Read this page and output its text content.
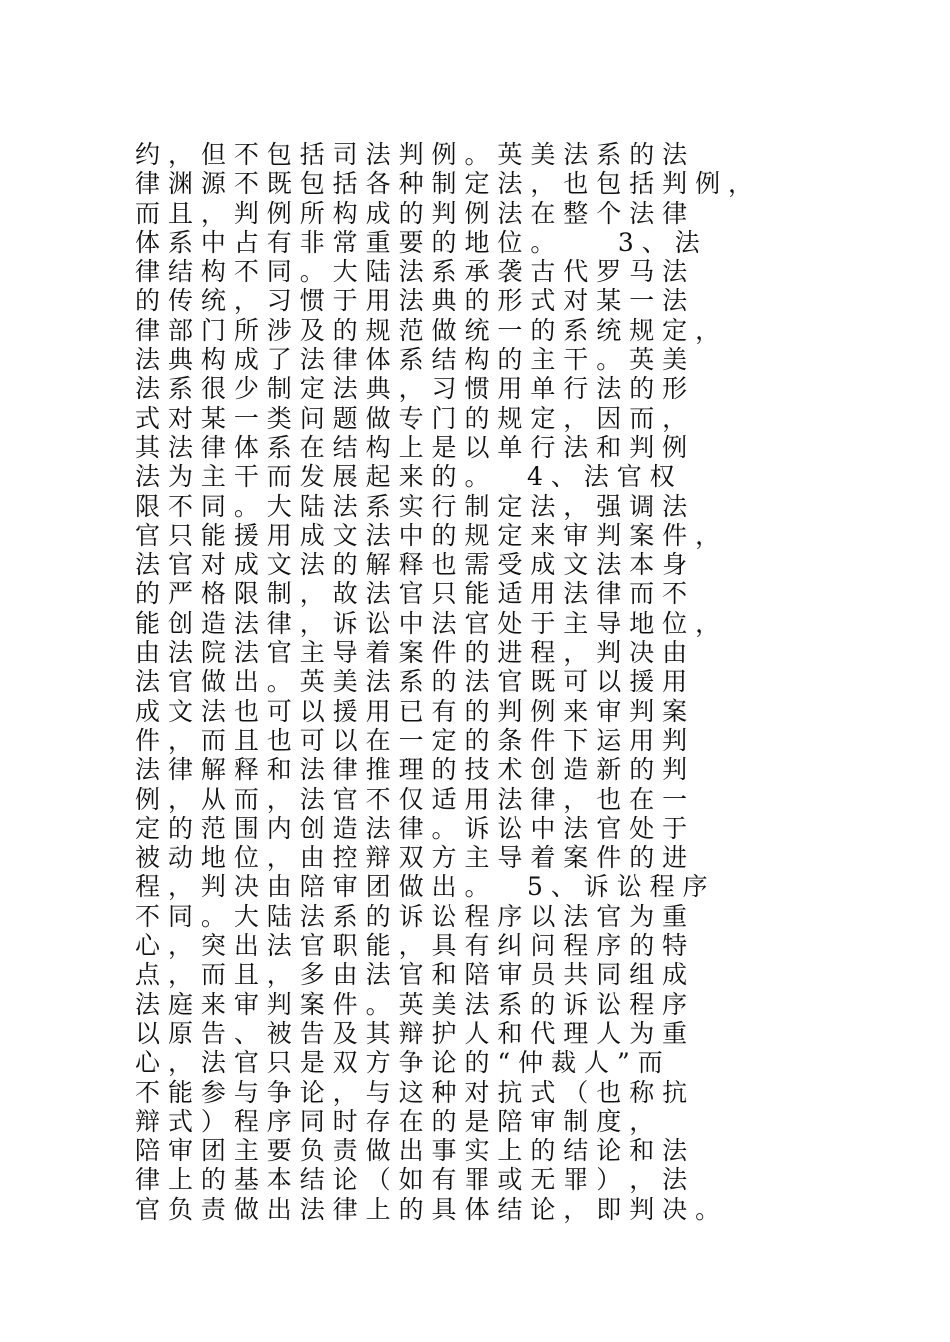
约 ， 但 不 包 括 司 法 判 例 。 英 美 法 系 的 法
律 渊 源 不 既 包 括 各 种 制 定 法 ， 也 包 括 判 例 ，
而 且 ， 判 例 所 构 成 的 判 例 法 在 整 个 法 律
体 系 中 占 有 非 常 重 要 的 地 位 。　　　3 、 法
律 结 构 不 同 。 大 陆 法 系 承 袭 古 代 罗 马 法
的 传 统 ， 习 惯 于 用 法 典 的 形 式 对 某 一 法
律 部 门 所 涉 及 的 规 范 做 统 一 的 系 统 规 定 ，
法 典 构 成 了 法 律 体 系 结 构 的 主 干 。 英 美
法 系 很 少 制 定 法 典 ， 习 惯 用 单 行 法 的 形
式 对 某 一 类 问 题 做 专 门 的 规 定 ， 因 而 ，
其 法 律 体 系 在 结 构 上 是 以 单 行 法 和 判 例
法 为 主 干 而 发 展 起 来 的 。　　4 、 法 官 权
限 不 同 。 大 陆 法 系 实 行 制 定 法 ， 强 调 法
官 只 能 援 用 成 文 法 中 的 规 定 来 审 判 案 件 ，
法 官 对 成 文 法 的 解 释 也 需 受 成 文 法 本 身
的 严 格 限 制 ， 故 法 官 只 能 适 用 法 律 而 不
能 创 造 法 律 ， 诉 讼 中 法 官 处 于 主 导 地 位 ，
由 法 院 法 官 主 导 着 案 件 的 进 程 ， 判 决 由
法 官 做 出 。 英 美 法 系 的 法 官 既 可 以 援 用
成 文 法 也 可 以 援 用 已 有 的 判 例 来 审 判 案
件 ， 而 且 也 可 以 在 一 定 的 条 件 下 运 用 判
法 律 解 释 和 法 律 推 理 的 技 术 创 造 新 的 判
例 ， 从 而 ， 法 官 不 仅 适 用 法 律 ， 也 在 一
定 的 范 围 内 创 造 法 律 。 诉 讼 中 法 官 处 于
被 动 地 位 ， 由 控 辩 双 方 主 导 着 案 件 的 进
程 ， 判 决 由 陪 审 团 做 出 。　　5 、 诉 讼 程 序
不 同 。 大 陆 法 系 的 诉 讼 程 序 以 法 官 为 重
心 ， 突 出 法 官 职 能 ， 具 有 纠 问 程 序 的 特
点 ， 而 且 ， 多 由 法 官 和 陪 审 员 共 同 组 成
法 庭 来 审 判 案 件 。 英 美 法 系 的 诉 讼 程 序
以 原 告 、 被 告 及 其 辩 护 人 和 代 理 人 为 重
心 ， 法 官 只 是 双 方 争 论 的 “ 仲 裁 人 ” 而
不 能 参 与 争 论 ， 与 这 种 对 抗 式 （ 也 称 抗
辩 式 ） 程 序 同 时 存 在 的 是 陪 审 制 度 ，
陪 审 团 主 要 负 责 做 出 事 实 上 的 结 论 和 法
律 上 的 基 本 结 论 （ 如 有 罪 或 无 罪 ） ， 法
官 负 责 做 出 法 律 上 的 具 体 结 论 ， 即 判 决 。
